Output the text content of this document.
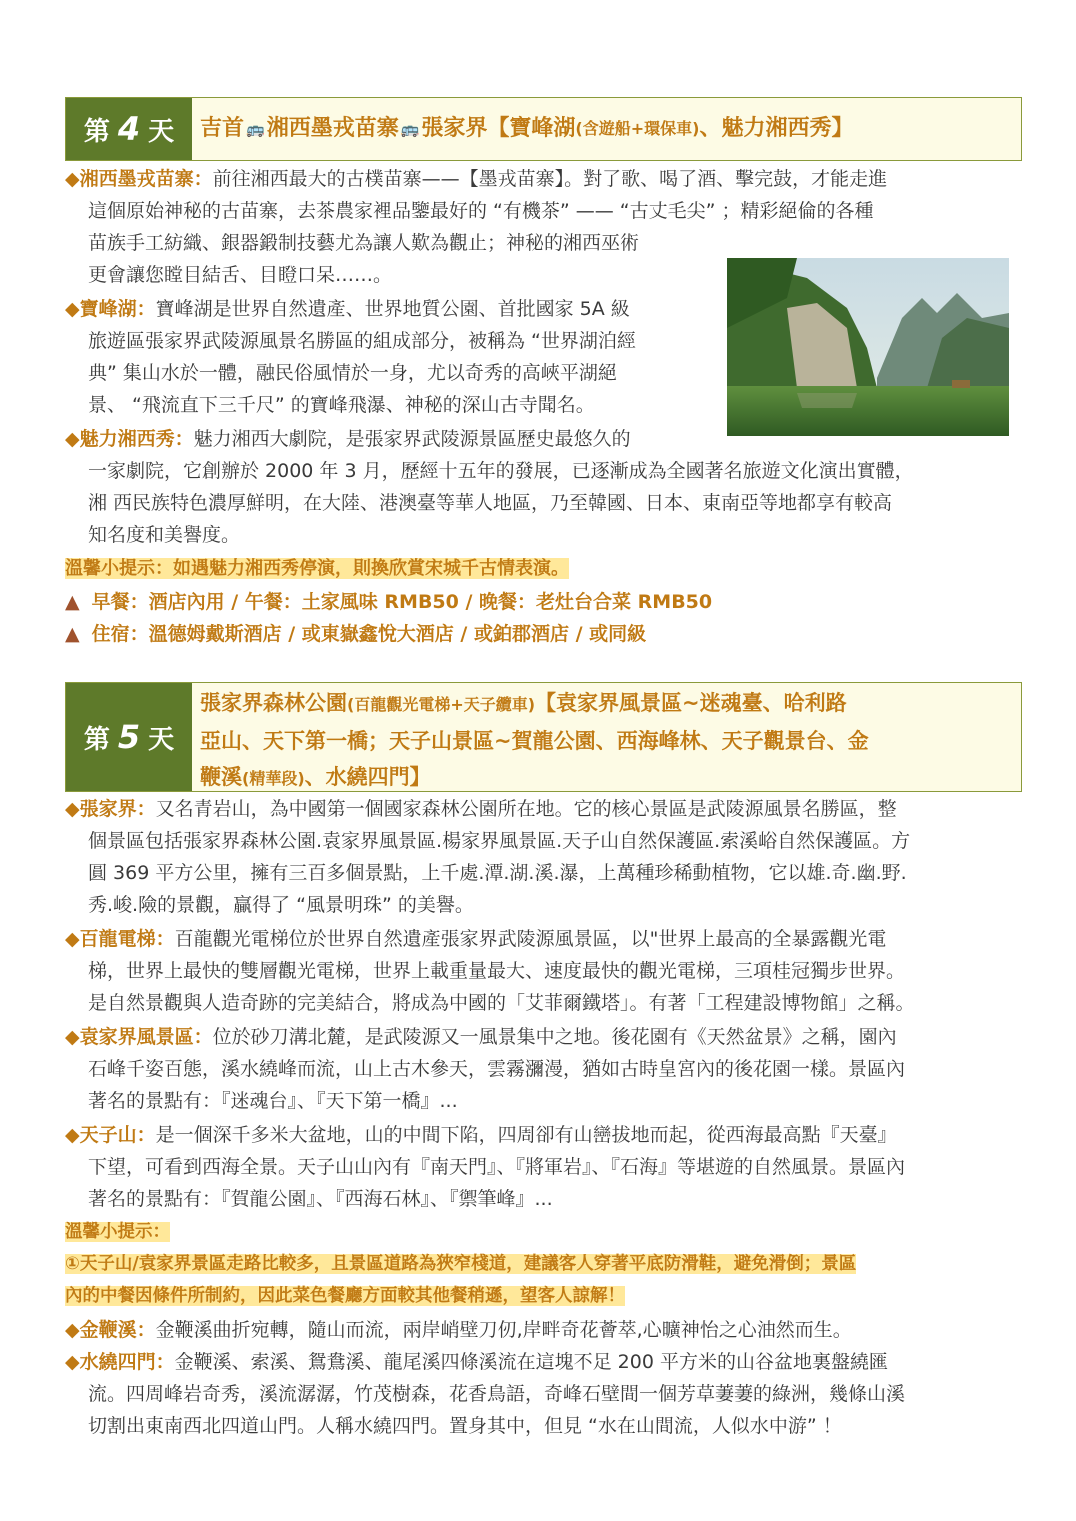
第 4 天 吉首 🚌 湘西墨戎苗寨 🚌 張家界【寶峰湖 (含遊船+環保車) 、魅力湘西秀】
◆湘西墨戎苗寨：前往湘西最大的古樸苗寨——【墨戎苗寨】。對了歌、喝了酒、擊完鼓，才能走進
這個原始神秘的古苗寨，去茶農家裡品鑒最好的 “有機茶” —— “古丈毛尖” ；精彩絕倫的各種
苗族手工紡織、銀器鍛制技藝尤為讓人歎為觀止；神秘的湘西巫術
更會讓您瞠目結舌、目瞪口呆……。
◆寶峰湖：寶峰湖是世界自然遺產、世界地質公園、首批國家 5A 級
旅遊區張家界武陵源風景名勝區的組成部分，被稱為 “世界湖泊經
典” 集山水於一體，融民俗風情於一身，尤以奇秀的高峽平湖絕
景、 “飛流直下三千尺” 的寶峰飛瀑、神秘的深山古寺聞名。
◆魅力湘西秀：魅力湘西大劇院，是張家界武陵源景區歷史最悠久的
一家劇院，它創辦於 2000 年 3 月，歷經十五年的發展，已逐漸成為全國著名旅遊文化演出實體，
湘 西民族特色濃厚鮮明，在大陸、港澳臺等華人地區，乃至韓國、日本、東南亞等地都享有較高
知名度和美譽度。
溫馨小提示：如遇魅力湘西秀停演，則換欣賞宋城千古情表演。
▲ 早餐：酒店內用 / 午餐：土家風味 RMB50 / 晚餐：老灶台合菜 RMB50
▲ 住宿：溫德姆戴斯酒店 / 或東嶽鑫悅大酒店 / 或鉑郡酒店 / 或同級
第 5 天
張家界森林公園(百龍觀光電梯+天子纜車)【袁家界風景區~迷魂臺、哈利路
亞山、天下第一橋；天子山景區~賀龍公園、西海峰林、天子觀景台、金
鞭溪(精華段)、水繞四門】
◆張家界：又名青岩山，為中國第一個國家森林公園所在地。它的核心景區是武陵源風景名勝區，整
個景區包括張家界森林公園.袁家界風景區.楊家界風景區.天子山自然保護區.索溪峪自然保護區。方
圓 369 平方公里，擁有三百多個景點，上千處.潭.湖.溪.瀑，上萬種珍稀動植物，它以雄.奇.幽.野.
秀.峻.險的景觀，贏得了 “風景明珠” 的美譽。
◆百龍電梯：百龍觀光電梯位於世界自然遺產張家界武陵源風景區，以"世界上最高的全暴露觀光電
梯，世界上最快的雙層觀光電梯，世界上載重量最大、速度最快的觀光電梯，三項桂冠獨步世界。
是自然景觀與人造奇跡的完美結合，將成為中國的「艾菲爾鐵塔」。有著「工程建設博物館」之稱。
◆袁家界風景區：位於砂刀溝北麓，是武陵源又一風景集中之地。後花園有《天然盆景》之稱，園內
石峰千姿百態，溪水繞峰而流，山上古木參天，雲霧瀰漫，猶如古時皇宮內的後花園一樣。景區內
著名的景點有：『迷魂台』、『天下第一橋』...
◆天子山：是一個深千多米大盆地，山的中間下陷，四周卻有山巒拔地而起，從西海最高點『天臺』
下望，可看到西海全景。天子山山內有『南天門』、『將軍岩』、『石海』等堪遊的自然風景。景區內
著名的景點有：『賀龍公園』、『西海石林』、『禦筆峰』...
溫馨小提示：
①天子山/袁家界景區走路比較多，且景區道路為狹窄棧道，建議客人穿著平底防滑鞋，避免滑倒；景區
內的中餐因條件所制約，因此菜色餐廳方面較其他餐稍遜，望客人諒解！
◆金鞭溪：金鞭溪曲折宛轉，隨山而流，兩岸峭壁刀仞,岸畔奇花薈萃,心曠神怡之心油然而生。
◆水繞四門：金鞭溪、索溪、鴛鴦溪、龍尾溪四條溪流在這塊不足 200 平方米的山谷盆地裏盤繞匯
流。四周峰岩奇秀，溪流潺潺，竹茂樹森，花香鳥語，奇峰石壁間一個芳草萋萋的綠洲，幾條山溪
切割出東南西北四道山門。人稱水繞四門。置身其中，但見 “水在山間流，人似水中游” ！
